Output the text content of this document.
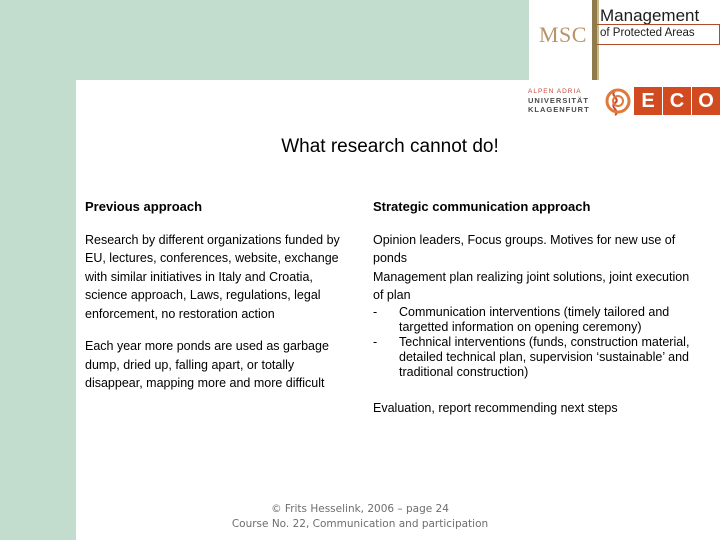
MSC
Management
of Protected Areas
ALPEN ADRIA
UNIVERSITÄT
KLAGENFURT	E C O
What research cannot do!
Previous approach

Research by different organizations funded by EU, lectures, conferences, website, exchange with similar initiatives in Italy and Croatia, science approach, Laws, regulations, legal enforcement, no restoration action

Each year more ponds are used as garbage dump, dried up, falling apart, or totally disappear, mapping more and more difficult

Strategic communication approach
Opinion leaders, Focus groups. Motives for new use of ponds
Management plan realizing joint solutions, joint execution of plan
-	Communication interventions (timely tailored and targetted information on opening ceremony)
-	Technical interventions (funds, construction material, detailed technical plan, supervision ‘sustainable’ and traditional construction)
Evaluation, report recommending next steps
© Frits Hesselink, 2006 – page 24
Course No. 22, Communication and participation
